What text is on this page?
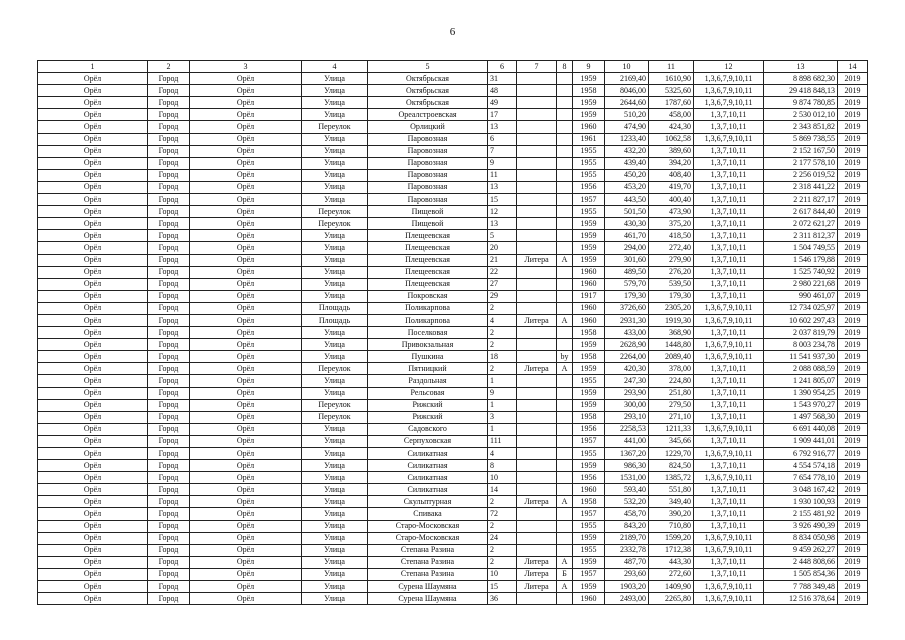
6
1	2	3	4	5	6	7	8	9	10	11	12	13	14
Орёл	Город	Орёл	Улица	Октябрьская	31			1959	2169,40	1610,90	1,3,6,7,9,10,11	8 898 682,30	2019
Орёл	Город	Орёл	Улица	Октябрьская	48			1958	8046,00	5325,60	1,3,6,7,9,10,11	29 418 848,13	2019
Орёл	Город	Орёл	Улица	Октябрьская	49			1959	2644,60	1787,60	1,3,6,7,9,10,11	9 874 780,85	2019
Орёл	Город	Орёл	Улица	Ореалстроевская	17			1959	510,20	458,00	1,3,7,10,11	2 530 012,10	2019
Орёл	Город	Орёл	Переулок	Орлицкий	13			1960	474,90	424,30	1,3,7,10,11	2 343 851,82	2019
Орёл	Город	Орёл	Улица	Паровозная	6			1961	1233,40	1062,58	1,3,6,7,9,10,11	5 869 738,55	2019
Орёл	Город	Орёл	Улица	Паровозная	7			1955	432,20	389,60	1,3,7,10,11	2 152 167,50	2019
Орёл	Город	Орёл	Улица	Паровозная	9			1955	439,40	394,20	1,3,7,10,11	2 177 578,10	2019
Орёл	Город	Орёл	Улица	Паровозная	11			1955	450,20	408,40	1,3,7,10,11	2 256 019,52	2019
Орёл	Город	Орёл	Улица	Паровозная	13			1956	453,20	419,70	1,3,7,10,11	2 318 441,22	2019
Орёл	Город	Орёл	Улица	Паровозная	15			1957	443,50	400,40	1,3,7,10,11	2 211 827,17	2019
Орёл	Город	Орёл	Переулок	Пищевой	12			1955	501,50	473,90	1,3,7,10,11	2 617 844,40	2019
Орёл	Город	Орёл	Переулок	Пищевой	13			1959	430,30	375,20	1,3,7,10,11	2 072 621,27	2019
Орёл	Город	Орёл	Улица	Плещеевская	5			1959	461,70	418,50	1,3,7,10,11	2 311 812,37	2019
Орёл	Город	Орёл	Улица	Плещеевская	20			1959	294,00	272,40	1,3,7,10,11	1 504 749,55	2019
Орёл	Город	Орёл	Улица	Плещеевская	21	Литера	А	1959	301,60	279,90	1,3,7,10,11	1 546 179,88	2019
Орёл	Город	Орёл	Улица	Плещеевская	22			1960	489,50	276,20	1,3,7,10,11	1 525 740,92	2019
Орёл	Город	Орёл	Улица	Плещеевская	27			1960	579,70	539,50	1,3,7,10,11	2 980 221,68	2019
Орёл	Город	Орёл	Улица	Покровская	29			1917	179,30	179,30	1,3,7,10,11	990 461,07	2019
Орёл	Город	Орёл	Площадь	Поликарпова	2			1960	3726,60	2305,20	1,3,6,7,9,10,11	12 734 025,97	2019
Орёл	Город	Орёл	Площадь	Поликарпова	4	Литера	А	1960	2931,30	1919,30	1,3,6,7,9,10,11	10 602 297,43	2019
Орёл	Город	Орёл	Улица	Поселковая	2			1958	433,00	368,90	1,3,7,10,11	2 037 819,79	2019
Орёл	Город	Орёл	Улица	Привокзальная	2			1959	2628,90	1448,80	1,3,6,7,9,10,11	8 003 234,78	2019
Орёл	Город	Орёл	Улица	Пушкина	18		by	1958	2264,00	2089,40	1,3,6,7,9,10,11	11 541 937,30	2019
Орёл	Город	Орёл	Переулок	Пятницкий	2	Литера	А	1959	420,30	378,00	1,3,7,10,11	2 088 088,59	2019
Орёл	Город	Орёл	Улица	Раздольная	1			1955	247,30	224,80	1,3,7,10,11	1 241 805,07	2019
Орёл	Город	Орёл	Улица	Рельсовая	9			1959	293,90	251,80	1,3,7,10,11	1 390 954,25	2019
Орёл	Город	Орёл	Переулок	Рижский	1			1959	300,00	279,50	1,3,7,10,11	1 543 970,27	2019
Орёл	Город	Орёл	Переулок	Рижский	3			1958	293,10	271,10	1,3,7,10,11	1 497 568,30	2019
Орёл	Город	Орёл	Улица	Садовского	1			1956	2258,53	1211,33	1,3,6,7,9,10,11	6 691 440,08	2019
Орёл	Город	Орёл	Улица	Серпуховская	111			1957	441,00	345,66	1,3,7,10,11	1 909 441,01	2019
Орёл	Город	Орёл	Улица	Силикатная	4			1955	1367,20	1229,70	1,3,6,7,9,10,11	6 792 916,77	2019
Орёл	Город	Орёл	Улица	Силикатная	8			1959	986,30	824,50	1,3,7,10,11	4 554 574,18	2019
Орёл	Город	Орёл	Улица	Силикатная	10			1956	1531,00	1385,72	1,3,6,7,9,10,11	7 654 778,10	2019
Орёл	Город	Орёл	Улица	Силикатная	14			1960	593,40	551,80	1,3,7,10,11	3 048 167,42	2019
Орёл	Город	Орёл	Улица	Скульптурная	2	Литера	А	1958	532,20	349,40	1,3,7,10,11	1 930 100,93	2019
Орёл	Город	Орёл	Улица	Спивака	72			1957	458,70	390,20	1,3,7,10,11	2 155 481,92	2019
Орёл	Город	Орёл	Улица	Старо-Московская	2			1955	843,20	710,80	1,3,7,10,11	3 926 490,39	2019
Орёл	Город	Орёл	Улица	Старо-Московская	24			1959	2189,70	1599,20	1,3,6,7,9,10,11	8 834 050,98	2019
Орёл	Город	Орёл	Улица	Степана Разина	2			1955	2332,78	1712,38	1,3,6,7,9,10,11	9 459 262,27	2019
Орёл	Город	Орёл	Улица	Степана Разина	2	Литера	А	1959	487,70	443,30	1,3,7,10,11	2 448 808,66	2019
Орёл	Город	Орёл	Улица	Степана Разина	10	Литера	Б	1957	293,60	272,60	1,3,7,10,11	1 505 854,36	2019
Орёл	Город	Орёл	Улица	Сурена Шаумяна	15	Литера	А	1959	1903,20	1409,90	1,3,6,7,9,10,11	7 788 349,48	2019
Орёл	Город	Орёл	Улица	Сурена Шаумяна	36			1960	2493,00	2265,80	1,3,6,7,9,10,11	12 516 378,64	2019
